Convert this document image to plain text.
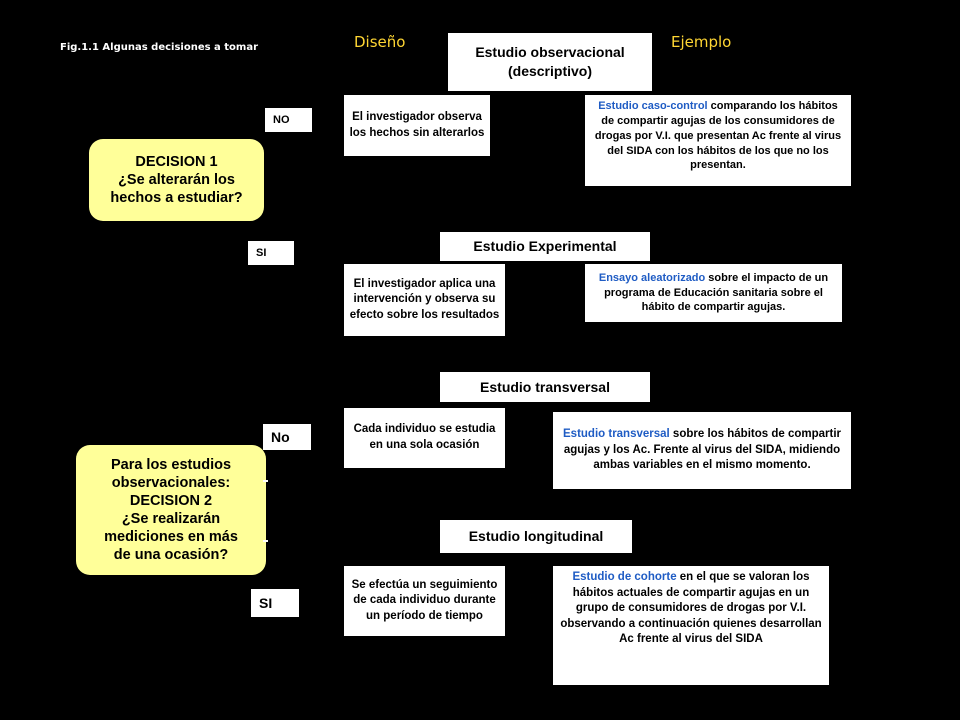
Fig.1.1 Algunas decisiones a tomar	Diseño	Ejemplo
DECISION 1
¿Se alterarán los
hechos a estudiar?
Para los estudios
observacionales:
DECISION 2
¿Se realizarán
mediciones en más
de una ocasión?
NO
SI
No
SI
Estudio observacional
(descriptivo)
El investigador observa los hechos sin alterarlos
Estudio caso-control comparando los hábitos de compartir agujas de los consumidores de drogas por V.I. que presentan Ac frente al virus del SIDA con los hábitos de los que no los presentan.
Estudio Experimental
El investigador aplica una intervención y observa su efecto sobre los resultados
Ensayo aleatorizado sobre el impacto de un programa de Educación sanitaria sobre el hábito de compartir agujas.
Estudio transversal
Cada individuo se estudia en una sola ocasión
Estudio transversal sobre los hábitos de compartir agujas y los Ac. Frente al virus del SIDA, midiendo ambas variables en el mismo momento.
Estudio longitudinal
Se efectúa un seguimiento de cada individuo durante un período de tiempo
Estudio de cohorte en el que se valoran los hábitos actuales de compartir agujas en un grupo de consumidores de drogas por V.I. observando a continuación quienes desarrollan Ac frente al virus del SIDA
